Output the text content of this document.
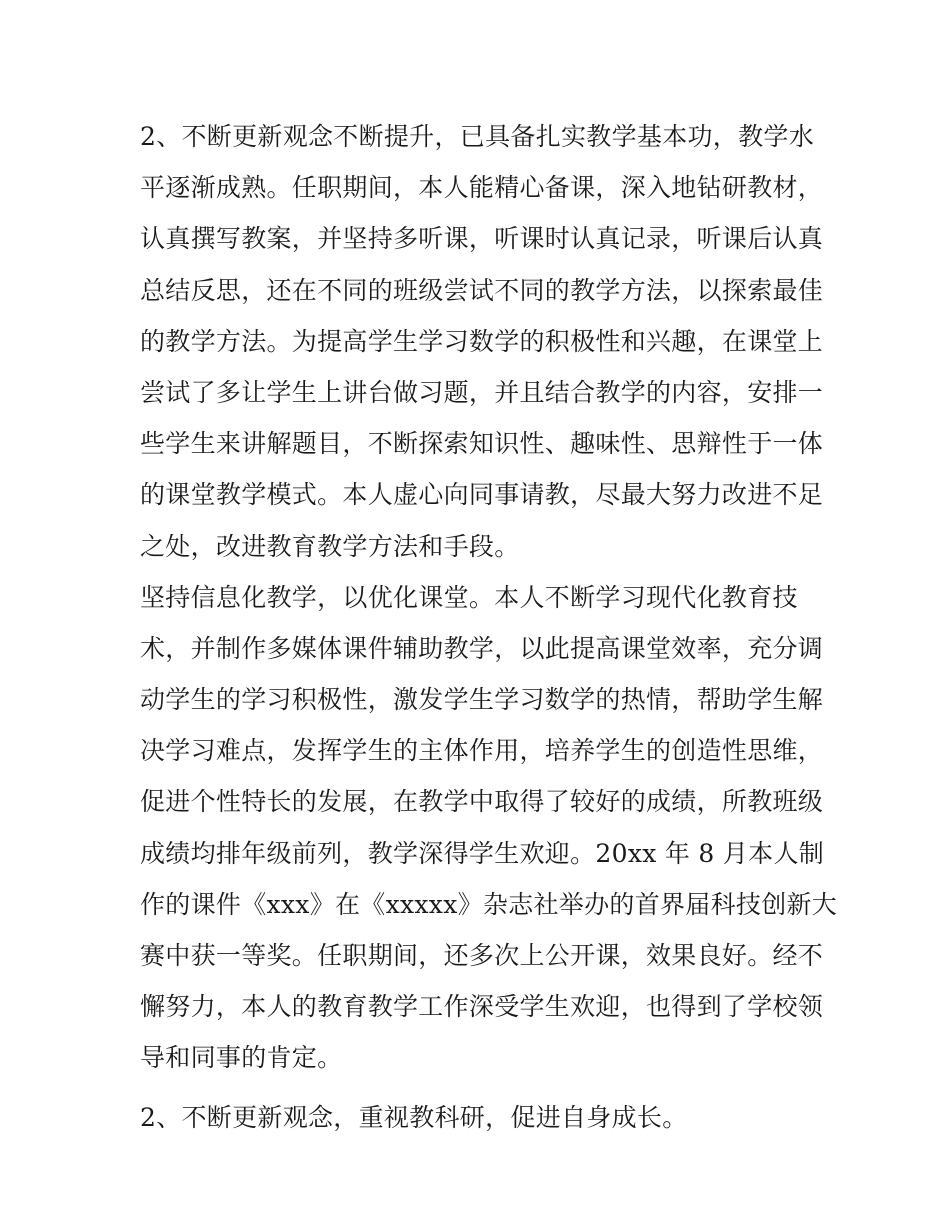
2、不断更新观念不断提升，已具备扎实教学基本功，教学水
平逐渐成熟。任职期间，本人能精心备课，深入地钻研教材，
认真撰写教案，并坚持多听课，听课时认真记录，听课后认真
总结反思，还在不同的班级尝试不同的教学方法，以探索最佳
的教学方法。为提高学生学习数学的积极性和兴趣，在课堂上
尝试了多让学生上讲台做习题，并且结合教学的内容，安排一
些学生来讲解题目，不断探索知识性、趣味性、思辩性于一体
的课堂教学模式。本人虚心向同事请教，尽最大努力改进不足
之处，改进教育教学方法和手段。
坚持信息化教学，以优化课堂。本人不断学习现代化教育技
术，并制作多媒体课件辅助教学，以此提高课堂效率，充分调
动学生的学习积极性，激发学生学习数学的热情，帮助学生解
决学习难点，发挥学生的主体作用，培养学生的创造性思维，
促进个性特长的发展，在教学中取得了较好的成绩，所教班级
成绩均排年级前列，教学深得学生欢迎。20xx 年 8 月本人制
作的课件《xxx》在《xxxxx》杂志社举办的首界届科技创新大
赛中获一等奖。任职期间，还多次上公开课，效果良好。经不
懈努力，本人的教育教学工作深受学生欢迎，也得到了学校领
导和同事的肯定。
2、不断更新观念，重视教科研，促进自身成长。
